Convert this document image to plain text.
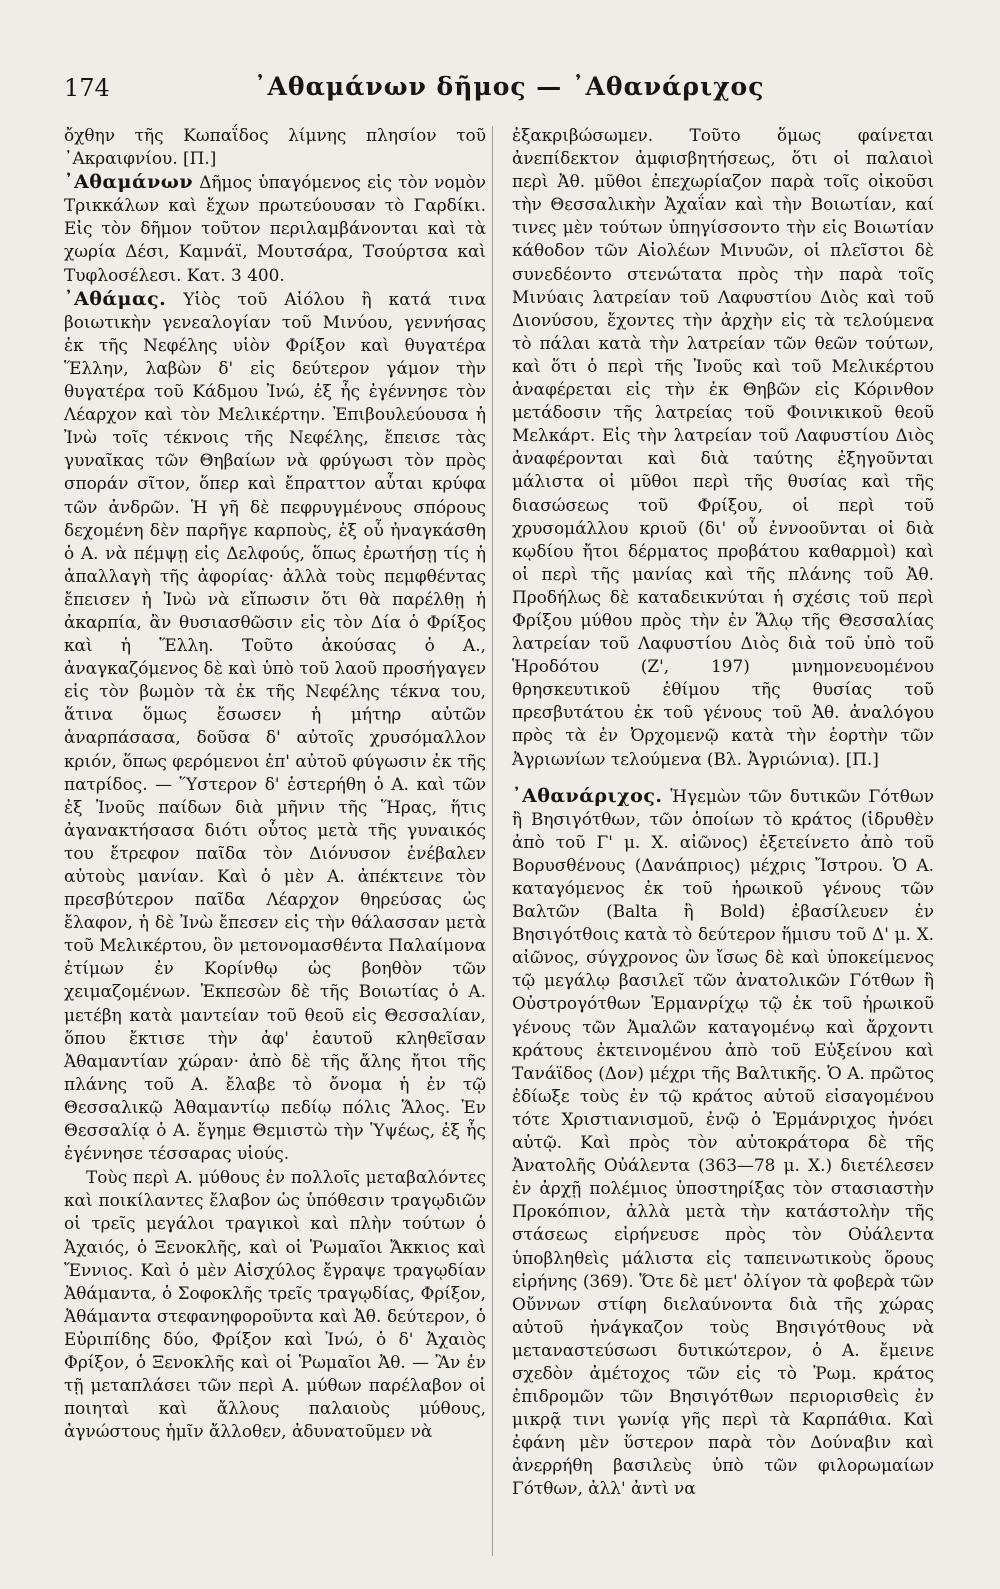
174	᾿Αθαμάνων δῆμος — ᾿Αθανάριχος

ὄχθην τῆς Κωπαΐδος λίμνης πλησίον τοῦ ᾿Ακραιφνίου. [Π.]

᾿Αθαμάνων Δῆμος ὑπαγόμενος εἰς τὸν νομὸν Τρικκάλων καὶ ἔχων πρωτεύουσαν τὸ Γαρδίκι. Εἰς τὸν δῆμον τοῦτον περιλαμβάνονται καὶ τὰ χωρία Δέσι, Καμνάϊ, Μουτσάρα, Τσούρτσα καὶ Τυφλοσέλεσι. Κατ. 3 400.

᾿Αθάμας. Υἱὸς τοῦ Αἰόλου ἢ κατά τινα βοιωτικὴν γενεαλογίαν τοῦ Μινύου, γεννήσας ἐκ τῆς Νεφέλης υἱὸν Φρίξον καὶ θυγατέρα Ἕλλην, λαβὼν δ' εἰς δεύτερον γάμον τὴν θυγατέρα τοῦ Κάδμου Ἰνώ, ἐξ ἧς ἐγέννησε τὸν Λέαρχον καὶ τὸν Μελικέρτην. Ἐπιβουλεύουσα ἡ Ἰνὼ τοῖς τέκνοις τῆς Νεφέλης, ἔπεισε τὰς γυναῖκας τῶν Θηβαίων νὰ φρύγωσι τὸν πρὸς σποράν σῖτον, ὅπερ καὶ ἔπραττον αὗται κρύφα τῶν ἀνδρῶν. Ἡ γῆ δὲ πεφρυγμένους σπόρους δεχομένη δὲν παρῆγε καρποὺς, ἐξ οὗ ἠναγκάσθη ὁ Α. νὰ πέμψῃ εἰς Δελφούς, ὅπως ἐρωτήσῃ τίς ἡ ἀπαλλαγὴ τῆς ἀφορίας· ἀλλὰ τοὺς πεμφθέντας ἔπεισεν ἡ Ἰνὼ νὰ εἴπωσιν ὅτι θὰ παρέλθῃ ἡ ἀκαρπία, ἂν θυσιασθῶσιν εἰς τὸν Δία ὁ Φρίξος καὶ ἡ Ἕλλη. Τοῦτο ἀκούσας ὁ Α., ἀναγκαζόμενος δὲ καὶ ὑπὸ τοῦ λαοῦ προσήγαγεν εἰς τὸν βωμὸν τὰ ἐκ τῆς Νεφέλης τέκνα του, ἅτινα ὅμως ἔσωσεν ἡ μήτηρ αὐτῶν ἀναρπάσασα, δοῦσα δ' αὐτοῖς χρυσόμαλλον κριόν, ὅπως φερόμενοι ἐπ' αὐτοῦ φύγωσιν ἐκ τῆς πατρίδος. — Ὕστερον δ' ἐστερήθη ὁ Α. καὶ τῶν ἐξ Ἰνοῦς παίδων διὰ μῆνιν τῆς Ἥρας, ἥτις ἀγανακτήσασα διότι οὗτος μετὰ τῆς γυναικός του ἔτρεφον παῖδα τὸν Διόνυσον ἐνέβαλεν αὐτοὺς μανίαν. Καὶ ὁ μὲν Α. ἀπέκτεινε τὸν πρεσβύτερον παῖδα Λέαρχον θηρεύσας ὡς ἔλαφον, ἡ δὲ Ἰνὼ ἔπεσεν εἰς τὴν θάλασσαν μετὰ τοῦ Μελικέρτου, ὃν μετονομασθέντα Παλαίμονα ἐτίμων ἐν Κορίνθῳ ὡς βοηθὸν τῶν χειμαζομένων. Ἐκπεσὼν δὲ τῆς Βοιωτίας ὁ Α. μετέβη κατὰ μαντείαν τοῦ θεοῦ εἰς Θεσσαλίαν, ὅπου ἔκτισε τὴν ἀφ' ἑαυτοῦ κληθεῖσαν Ἀθαμαντίαν χώραν· ἀπὸ δὲ τῆς ἄλης ἤτοι τῆς πλάνης τοῦ Α. ἔλαβε τὸ ὄνομα ἡ ἐν τῷ Θεσσαλικῷ Ἀθαμαντίῳ πεδίῳ πόλις Ἅλος. Ἐν Θεσσαλίᾳ ὁ Α. ἔγημε Θεμιστὼ τὴν Ὑψέως, ἐξ ἧς ἐγέννησε τέσσαρας υἱούς.

Τοὺς περὶ Α. μύθους ἐν πολλοῖς μεταβαλόντες καὶ ποικίλαντες ἔλαβον ὡς ὑπόθεσιν τραγῳδιῶν οἱ τρεῖς μεγάλοι τραγικοὶ καὶ πλὴν τούτων ὁ Ἀχαιός, ὁ Ξενοκλῆς, καὶ οἱ Ῥωμαῖοι Ἄκκιος καὶ Ἔννιος. Καὶ ὁ μὲν Αἰσχύλος ἔγραψε τραγῳδίαν Ἀθάμαντα, ὁ Σοφοκλῆς τρεῖς τραγῳδίας, Φρίξον, Ἀθάμαντα στεφανηφοροῦντα καὶ Ἀθ. δεύτερον, ὁ Εὐριπίδης δύο, Φρίξον καὶ Ἰνώ, ὁ δ' Ἀχαιὸς Φρίξον, ὁ Ξενοκλῆς καὶ οἱ Ῥωμαῖοι Ἀθ. — Ἂν ἐν τῇ μεταπλάσει τῶν περὶ Α. μύθων παρέλαβον οἱ ποιηταὶ καὶ ἄλλους παλαιοὺς μύθους, ἀγνώστους ἡμῖν ἄλλοθεν, ἀδυνατοῦμεν νὰ

ἐξακριβώσωμεν. Τοῦτο ὅμως φαίνεται ἀνεπίδεκτον ἀμφισβητήσεως, ὅτι οἱ παλαιοὶ περὶ Ἀθ. μῦθοι ἐπεχωρίαζον παρὰ τοῖς οἰκοῦσι τὴν Θεσσαλικὴν Ἀχαΐαν καὶ τὴν Βοιωτίαν, καί τινες μὲν τούτων ὑπηγίσσοντο τὴν εἰς Βοιωτίαν κάθοδον τῶν Αἰολέων Μινυῶν, οἱ πλεῖστοι δὲ συνεδέοντο στενώτατα πρὸς τὴν παρὰ τοῖς Μινύαις λατρείαν τοῦ Λαφυστίου Διὸς καὶ τοῦ Διονύσου, ἔχοντες τὴν ἀρχὴν εἰς τὰ τελούμενα τὸ πάλαι κατὰ τὴν λατρείαν τῶν θεῶν τούτων, καὶ ὅτι ὁ περὶ τῆς Ἰνοῦς καὶ τοῦ Μελικέρτου ἀναφέρεται εἰς τὴν ἐκ Θηβῶν εἰς Κόρινθον μετάδοσιν τῆς λατρείας τοῦ Φοινικικοῦ θεοῦ Μελκάρτ. Εἰς τὴν λατρείαν τοῦ Λαφυστίου Διὸς ἀναφέρονται καὶ διὰ ταύτης ἐξηγοῦνται μάλιστα οἱ μῦθοι περὶ τῆς θυσίας καὶ τῆς διασώσεως τοῦ Φρίξου, οἱ περὶ τοῦ χρυσομάλλου κριοῦ (δι' οὗ ἐννοοῦνται οἱ διὰ κῳδίου ἤτοι δέρματος προβάτου καθαρμοὶ) καὶ οἱ περὶ τῆς μανίας καὶ τῆς πλάνης τοῦ Ἀθ. Προδήλως δὲ καταδεικνύται ἡ σχέσις τοῦ περὶ Φρίξου μύθου πρὸς τὴν ἐν Ἅλῳ τῆς Θεσσαλίας λατρείαν τοῦ Λαφυστίου Διὸς διὰ τοῦ ὑπὸ τοῦ Ἡροδότου (Ζ', 197) μνημονευομένου θρησκευτικοῦ ἐθίμου τῆς θυσίας τοῦ πρεσβυτάτου ἐκ τοῦ γένους τοῦ Ἀθ. ἀναλόγου πρὸς τὰ ἐν Ὀρχομενῷ κατὰ τὴν ἑορτὴν τῶν Ἀγριωνίων τελούμενα (Βλ. Ἀγριώνια). [Π.]

᾿Αθανάριχος. Ἡγεμὼν τῶν δυτικῶν Γότθων ἢ Βησιγότθων, τῶν ὁποίων τὸ κράτος (ἱδρυθὲν ἀπὸ τοῦ Γ' μ. Χ. αἰῶνος) ἐξετείνετο ἀπὸ τοῦ Βορυσθένους (Δανάπριος) μέχρις Ἴστρου. Ὁ Α. καταγόμενος ἐκ τοῦ ἡρωικοῦ γένους τῶν Βαλτῶν (Balta ἢ Bold) ἐβασίλευεν ἐν Βησιγότθοις κατὰ τὸ δεύτερον ἥμισυ τοῦ Δ' μ. Χ. αἰῶνος, σύγχρονος ὢν ἴσως δὲ καὶ ὑποκείμενος τῷ μεγάλῳ βασιλεῖ τῶν ἀνατολικῶν Γότθων ἢ Οὐστρογότθων Ἑρμανρίχῳ τῷ ἐκ τοῦ ἡρωικοῦ γένους τῶν Ἀμαλῶν καταγομένῳ καὶ ἄρχοντι κράτους ἐκτεινομένου ἀπὸ τοῦ Εὐξείνου καὶ Τανάϊδος (Δον) μέχρι τῆς Βαλτικῆς. Ὁ Α. πρῶτος ἐδίωξε τοὺς ἐν τῷ κράτος αὐτοῦ εἰσαγομένου τότε Χριστιανισμοῦ, ἐνῷ ὁ Ἑρμάνριχος ἠνόει αὐτῷ. Καὶ πρὸς τὸν αὐτοκράτορα δὲ τῆς Ἀνατολῆς Οὐάλεντα (363—78 μ. Χ.) διετέλεσεν ἐν ἀρχῇ πολέμιος ὑποστηρίξας τὸν στασιαστὴν Προκόπιον, ἀλλὰ μετὰ τὴν κατάστολὴν τῆς στάσεως εἰρήνευσε πρὸς τὸν Οὐάλεντα ὑποβληθεὶς μάλιστα εἰς ταπεινωτικοὺς ὅρους εἰρήνης (369). Ὅτε δὲ μετ' ὀλίγον τὰ φοβερὰ τῶν Οὔννων στίφη διελαύνοντα διὰ τῆς χώρας αὐτοῦ ἠνάγκαζον τοὺς Βησιγότθους νὰ μεταναστεύσωσι δυτικώτερον, ὁ Α. ἔμεινε σχεδὸν ἀμέτοχος τῶν εἰς τὸ Ῥωμ. κράτος ἐπιδρομῶν τῶν Βησιγότθων περιορισθεὶς ἐν μικρᾷ τινι γωνίᾳ γῆς περὶ τὰ Καρπάθια. Καὶ ἐφάνη μὲν ὕστερον παρὰ τὸν Δούναβιν καὶ ἀνερρήθη βασιλεὺς ὑπὸ τῶν φιλορωμαίων Γότθων, ἀλλ' ἀντὶ να
